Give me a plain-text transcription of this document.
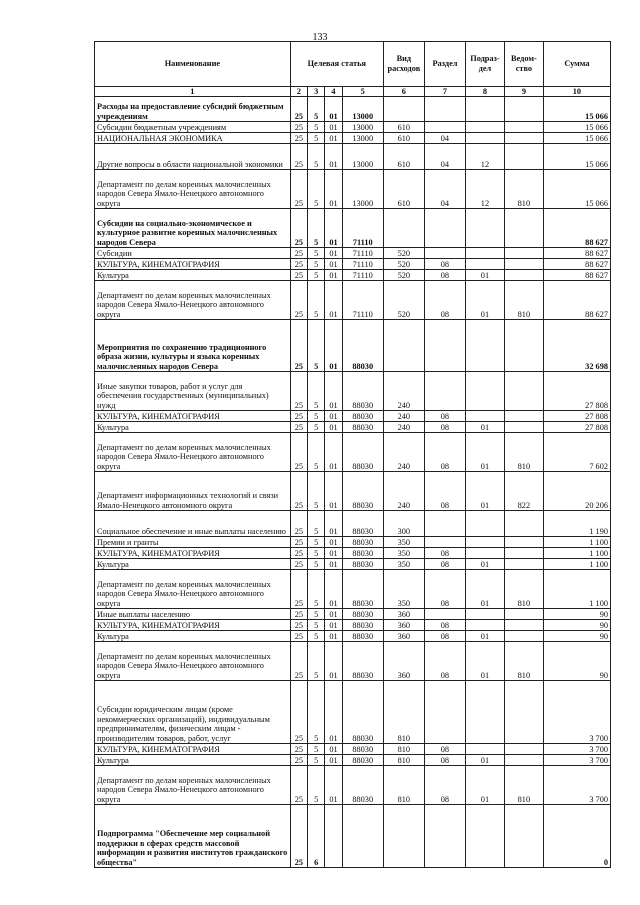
133
Наименование	Целевая статья				Вид расходов	Раздел	Подраз- дел	Ведом- ство	Сумма
1	2	3	4	5	6	7	8	9	10
Расходы на предоставление субсидий бюджетным учреждениям	25	5	01	13000					15 066
Субсидии бюджетным учреждениям	25	5	01	13000	610				15 066
НАЦИОНАЛЬНАЯ ЭКОНОМИКА	25	5	01	13000	610	04			15 066
Другие вопросы в области национальной экономики	25	5	01	13000	610	04	12		15 066
Департамент по делам коренных малочисленных народов Севера Ямало-Ненецкого автономного округа	25	5	01	13000	610	04	12	810	15 066
Субсидии на социально-экономическое и культурное развитие коренных малочисленных народов Севера	25	5	01	71110					88 627
Субсидии	25	5	01	71110	520				88 627
КУЛЬТУРА, КИНЕМАТОГРАФИЯ	25	5	01	71110	520	08			88 627
Культура	25	5	01	71110	520	08	01		88 627
Департамент по делам коренных малочисленных народов Севера Ямало-Ненецкого автономного округа	25	5	01	71110	520	08	01	810	88 627
Мероприятия по сохранению традиционного образа жизни, культуры и языка коренных малочисленных народов Севера	25	5	01	88030					32 698
Иные закупки товаров, работ и услуг для обеспечения государственных (муниципальных) нужд	25	5	01	88030	240				27 808
КУЛЬТУРА, КИНЕМАТОГРАФИЯ	25	5	01	88030	240	08			27 808
Культура	25	5	01	88030	240	08	01		27 808
Департамент по делам коренных малочисленных народов Севера Ямало-Ненецкого автономного округа	25	5	01	88030	240	08	01	810	7 602
Департамент информационных технологий и связи Ямало-Ненецкого автономного округа	25	5	01	88030	240	08	01	822	20 206
Социальное обеспечение и иные выплаты населению	25	5	01	88030	300				1 190
Премии и гранты	25	5	01	88030	350				1 100
КУЛЬТУРА, КИНЕМАТОГРАФИЯ	25	5	01	88030	350	08			1 100
Культура	25	5	01	88030	350	08	01		1 100
Департамент по делам коренных малочисленных народов Севера Ямало-Ненецкого автономного округа	25	5	01	88030	350	08	01	810	1 100
Иные выплаты населению	25	5	01	88030	360				90
КУЛЬТУРА, КИНЕМАТОГРАФИЯ	25	5	01	88030	360	08			90
Культура	25	5	01	88030	360	08	01		90
Департамент по делам коренных малочисленных народов Севера Ямало-Ненецкого автономного округа	25	5	01	88030	360	08	01	810	90
Субсидии юридическим лицам (кроме некоммерческих организаций), индивидуальным предпринимателям, физическим лицам - производителям товаров, работ, услуг	25	5	01	88030	810				3 700
КУЛЬТУРА, КИНЕМАТОГРАФИЯ	25	5	01	88030	810	08			3 700
Культура	25	5	01	88030	810	08	01		3 700
Департамент по делам коренных малочисленных народов Севера Ямало-Ненецкого автономного округа	25	5	01	88030	810	08	01	810	3 700
Подпрограмма "Обеспечение мер социальной поддержки в сферах средств массовой информации и развития институтов гражданского общества"	25	6							0
